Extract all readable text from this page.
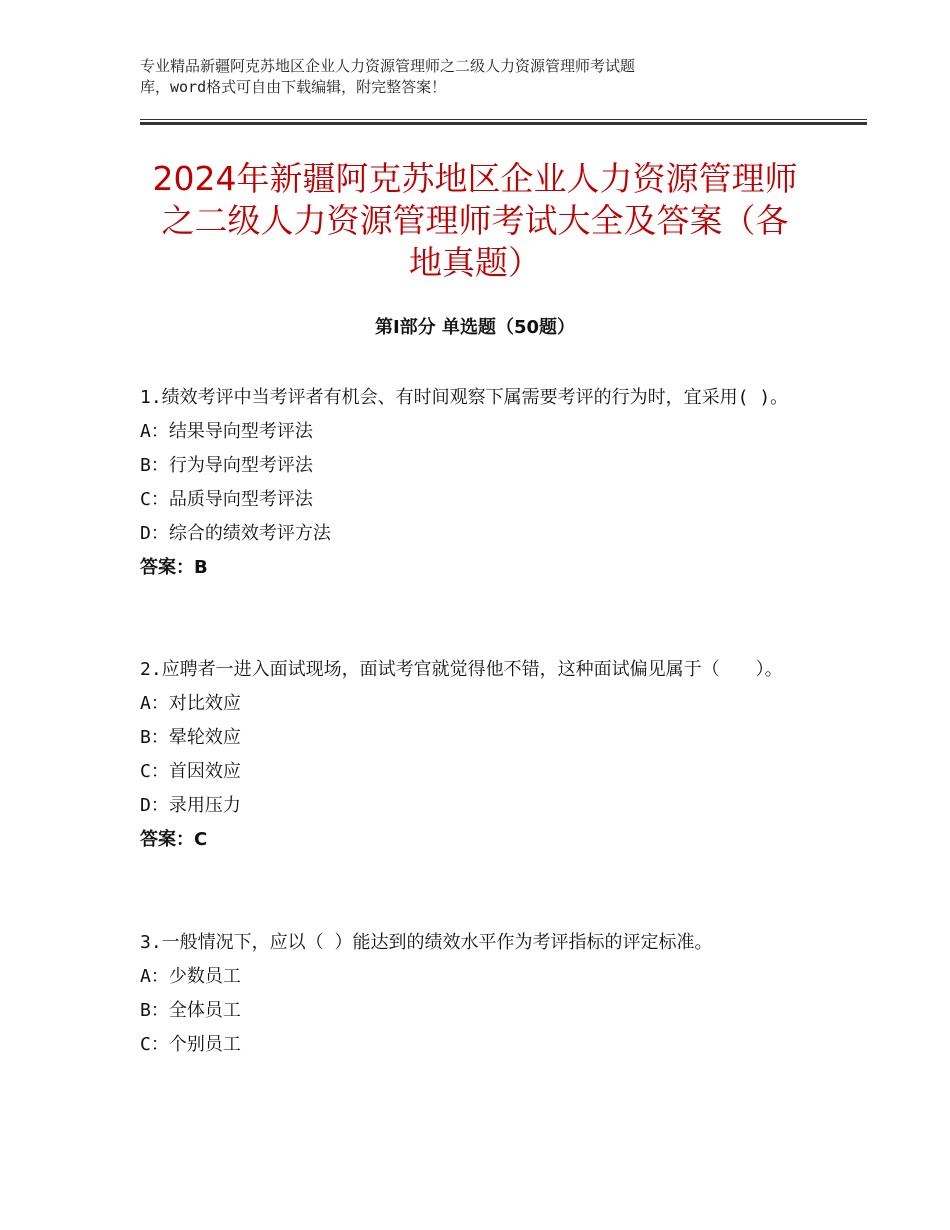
专业精品新疆阿克苏地区企业人力资源管理师之二级人力资源管理师考试题
库，word格式可自由下载编辑，附完整答案！
2024年新疆阿克苏地区企业人力资源管理师
之二级人力资源管理师考试大全及答案（各
地真题）
第Ⅰ部分 单选题（50题）
1.绩效考评中当考评者有机会、有时间观察下属需要考评的行为时，宜采用( )。
A：结果导向型考评法
B：行为导向型考评法
C：品质导向型考评法
D：综合的绩效考评方法
答案：B
2.应聘者一进入面试现场，面试考官就觉得他不错，这种面试偏见属于（　　）。
A：对比效应
B：晕轮效应
C：首因效应
D：录用压力
答案：C
3.一般情况下，应以（ ）能达到的绩效水平作为考评指标的评定标准。
A：少数员工
B：全体员工
C：个别员工
